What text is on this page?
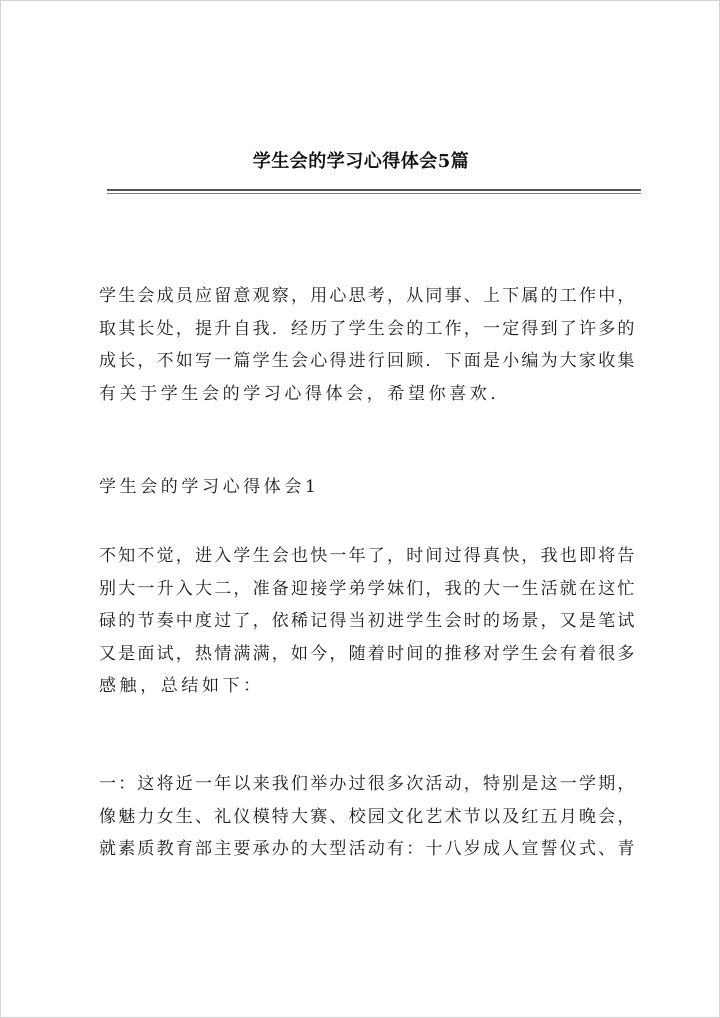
学生会的学习心得体会5篇

学生会成员应留意观察，用心思考，从同事、上下属的工作中，
取其长处，提升自我．经历了学生会的工作，一定得到了许多的
成长，不如写一篇学生会心得进行回顾．下面是小编为大家收集
有关于学生会的学习心得体会，希望你喜欢．

学生会的学习心得体会1

不知不觉，进入学生会也快一年了，时间过得真快，我也即将告
别大一升入大二，准备迎接学弟学妹们，我的大一生活就在这忙
碌的节奏中度过了，依稀记得当初进学生会时的场景，又是笔试
又是面试，热情满满，如今，随着时间的推移对学生会有着很多
感触，总结如下：

一：这将近一年以来我们举办过很多次活动，特别是这一学期，
像魅力女生、礼仪模特大赛、校园文化艺术节以及红五月晚会，
就素质教育部主要承办的大型活动有：十八岁成人宣誓仪式、青
